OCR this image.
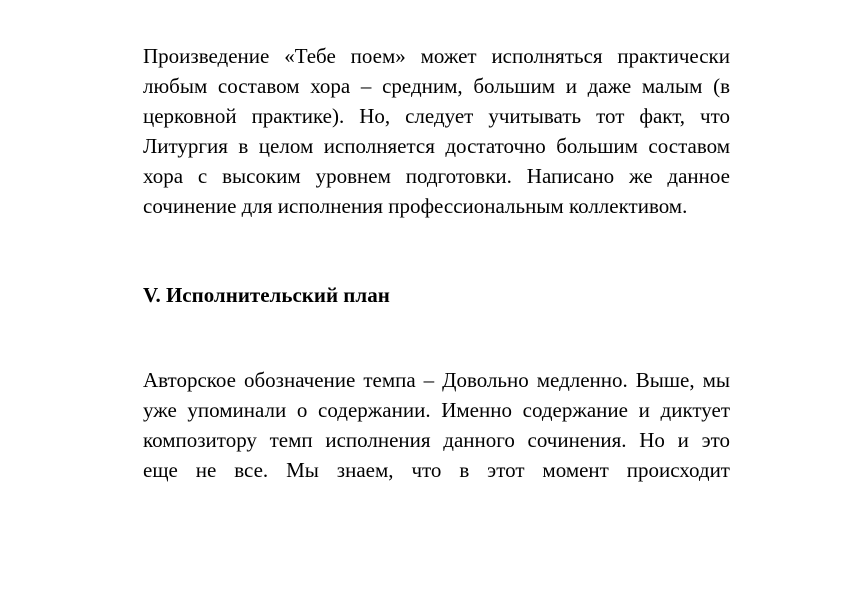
Произведение «Тебе поем» может исполняться практически
любым составом хора – средним, большим и даже малым (в
церковной практике). Но, следует учитывать тот факт, что
Литургия в целом исполняется достаточно большим составом
хора с высоким уровнем подготовки. Написано же данное
сочинение для исполнения профессиональным коллективом.
V. Исполнительский план
Авторское обозначение темпа – Довольно медленно. Выше, мы
уже упоминали о содержании. Именно содержание и диктует
композитору темп исполнения данного сочинения. Но и это
еще не все. Мы знаем, что в этот момент происходит
